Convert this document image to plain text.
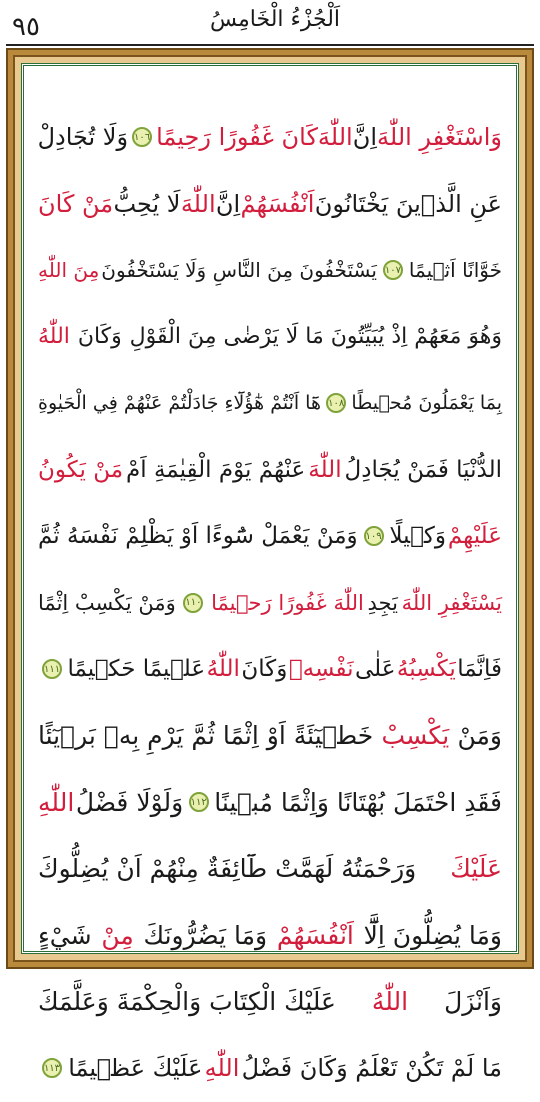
٩٥	اَلْجُزْءُ الْخَامِسُ
وَاسْتَغْفِرِ اللّٰهَ
اِنَّ
اللّٰهَ
كَانَ غَفُورًا رَحِيمًا
١٠٦
وَلَا تُجَادِلْ
عَنِ الَّذٖينَ يَخْتَانُونَ
اَنْفُسَهُمْ
اِنَّ
اللّٰهَ
لَا يُحِبُّ
مَنْ كَانَ
خَوَّانًا اَثٖيمًا
١٠٧
يَسْتَخْفُونَ مِنَ النَّاسِ وَلَا يَسْتَخْفُونَ
مِنَ اللّٰهِ
وَهُوَ مَعَهُمْ اِذْ يُبَيِّتُونَ مَا لَا يَرْضٰى مِنَ الْقَوْلِ
وَكَانَ
اللّٰهُ
بِمَا يَعْمَلُونَ مُحٖيطًا
١٠٨
هَٓا اَنْتُمْ هٰٓؤُلَٓاءِ جَادَلْتُمْ عَنْهُمْ فِي الْحَيٰوةِ
الدُّنْيَا فَمَنْ يُجَادِلُ
اللّٰهَ
عَنْهُمْ يَوْمَ الْقِيٰمَةِ اَمْ
مَنْ يَكُونُ
عَلَيْهِمْ
وَكٖيلًا
١٠٩
وَمَنْ يَعْمَلْ سُٓوءًا اَوْ يَظْلِمْ نَفْسَهُ ثُمَّ
يَسْتَغْفِرِ اللّٰهَ
يَجِدِ
اللّٰهَ غَفُورًا رَحٖيمًا
١١٠
وَمَنْ يَكْسِبْ اِثْمًا
فَاِنَّمَا
يَكْسِبُهُ
عَلٰى
نَفْسِهٖ
وَكَانَ
اللّٰهُ
عَلٖيمًا حَكٖيمًا
١١١
وَمَنْ
يَكْسِبْ
خَطٖيٓئَةً اَوْ اِثْمًا ثُمَّ يَرْمِ بِهٖ بَرٖيٓئًا
فَقَدِ احْتَمَلَ بُهْتَانًا وَاِثْمًا مُبٖينًا
١١٢
وَلَوْلَا فَضْلُ
اللّٰهِ
عَلَيْكَ
وَرَحْمَتُهُ لَهَمَّتْ طَٓائِفَةٌ مِنْهُمْ اَنْ يُضِلُّوكَ
وَمَا يُضِلُّونَ اِلَّٓا
اَنْفُسَهُمْ
وَمَا يَضُرُّونَكَ
مِنْ
شَيْءٍ
وَاَنْزَلَ
اللّٰهُ
عَلَيْكَ الْكِتَابَ وَالْحِكْمَةَ وَعَلَّمَكَ
مَا لَمْ تَكُنْ تَعْلَمُ وَكَانَ فَضْلُ
اللّٰهِ
عَلَيْكَ عَظٖيمًا
١١٣
